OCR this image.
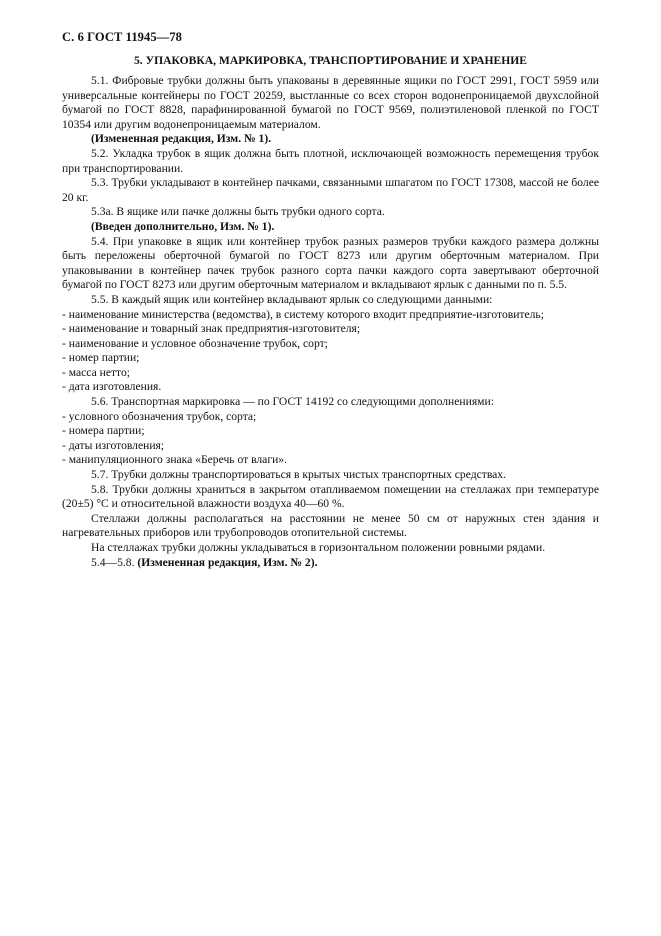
С. 6 ГОСТ 11945—78
5. УПАКОВКА, МАРКИРОВКА, ТРАНСПОРТИРОВАНИЕ И ХРАНЕНИЕ

5.1. Фибровые трубки должны быть упакованы в деревянные ящики по ГОСТ 2991, ГОСТ 5959 или универсальные контейнеры по ГОСТ 20259, выстланные со всех сторон водонепроницаемой двухслойной бумагой по ГОСТ 8828, парафинированной бумагой по ГОСТ 9569, полиэтиленовой пленкой по ГОСТ 10354 или другим водонепроницаемым материалом.

(Измененная редакция, Изм. № 1).

5.2. Укладка трубок в ящик должна быть плотной, исключающей возможность перемещения трубок при транспортировании.

5.3. Трубки укладывают в контейнер пачками, связанными шпагатом по ГОСТ 17308, массой не более 20 кг.

5.3а. В ящике или пачке должны быть трубки одного сорта.

(Введен дополнительно, Изм. № 1).

5.4. При упаковке в ящик или контейнер трубок разных размеров трубки каждого размера должны быть переложены оберточной бумагой по ГОСТ 8273 или другим оберточным материалом. При упаковывании в контейнер пачек трубок разного сорта пачки каждого сорта завертывают оберточной бумагой по ГОСТ 8273 или другим оберточным материалом и вкладывают ярлык с данными по п. 5.5.

5.5. В каждый ящик или контейнер вкладывают ярлык со следующими данными:

- наименование министерства (ведомства), в систему которого входит предприятие-изготовитель;

- наименование и товарный знак предприятия-изготовителя;

- наименование и условное обозначение трубок, сорт;

- номер партии;

- масса нетто;

- дата изготовления.

5.6. Транспортная маркировка — по ГОСТ 14192 со следующими дополнениями:

- условного обозначения трубок, сорта;

- номера партии;

- даты изготовления;

- манипуляционного знака «Беречь от влаги».

5.7. Трубки должны транспортироваться в крытых чистых транспортных средствах.

5.8. Трубки должны храниться в закрытом отапливаемом помещении на стеллажах при температуре (20±5) °С и относительной влажности воздуха 40—60 %.

Стеллажи должны располагаться на расстоянии не менее 50 см от наружных стен здания и нагревательных приборов или трубопроводов отопительной системы.

На стеллажах трубки должны укладываться в горизонтальном положении ровными рядами.

5.4—5.8. (Измененная редакция, Изм. № 2).
